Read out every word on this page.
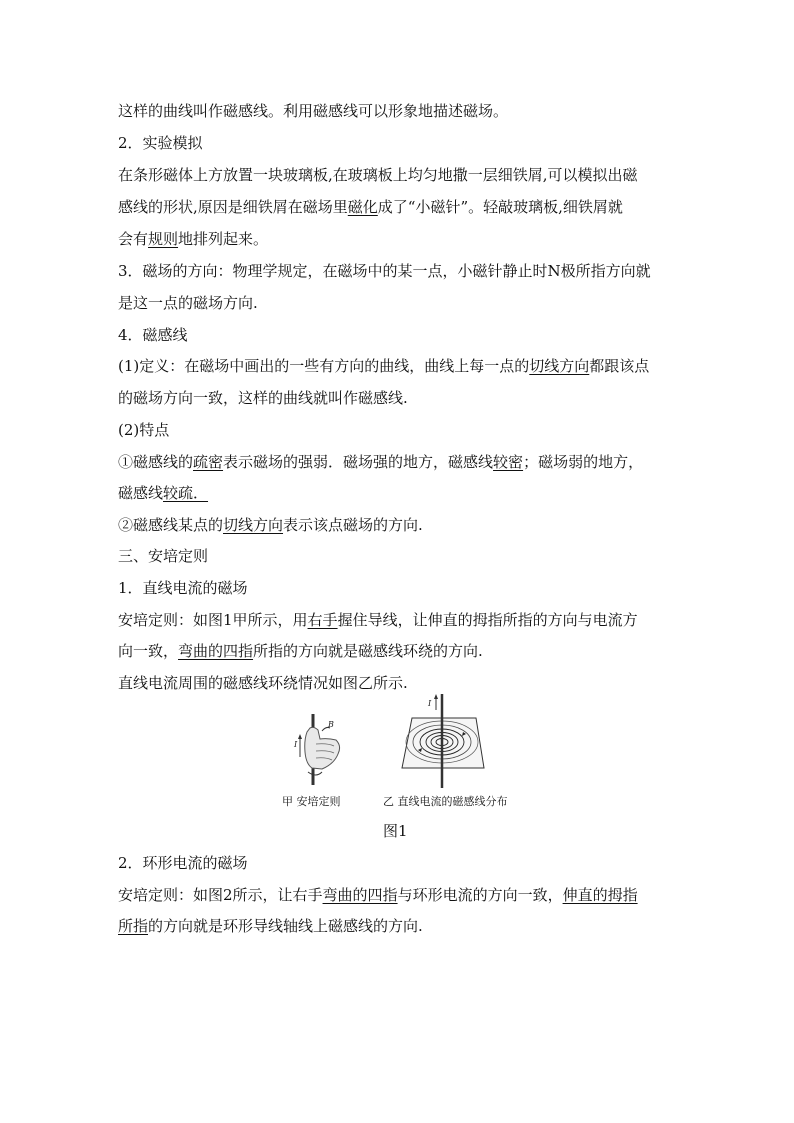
这样的曲线叫作磁感线。利用磁感线可以形象地描述磁场。
2．实验模拟
在条形磁体上方放置一块玻璃板,在玻璃板上均匀地撒一层细铁屑,可以模拟出磁
感线的形状,原因是细铁屑在磁场里磁化成了“小磁针”。轻敲玻璃板,细铁屑就
会有规则地排列起来。
3．磁场的方向：物理学规定，在磁场中的某一点，小磁针静止时N极所指方向就
是这一点的磁场方向.
4．磁感线
(1)定义：在磁场中画出的一些有方向的曲线，曲线上每一点的切线方向都跟该点
的磁场方向一致，这样的曲线就叫作磁感线.
(2)特点
①磁感线的疏密表示磁场的强弱．磁场强的地方，磁感线较密；磁场弱的地方，
磁感线较疏．
②磁感线某点的切线方向表示该点磁场的方向.
三、安培定则
1．直线电流的磁场
安培定则：如图1甲所示，用右手握住导线，让伸直的拇指所指的方向与电流方
向一致，弯曲的四指所指的方向就是磁感线环绕的方向.
直线电流周围的磁感线环绕情况如图乙所示.
I
B
I
甲 安培定则	乙 直线电流的磁感线分布
图1
2．环形电流的磁场
安培定则：如图2所示，让右手弯曲的四指与环形电流的方向一致，伸直的拇指
所指的方向就是环形导线轴线上磁感线的方向.
